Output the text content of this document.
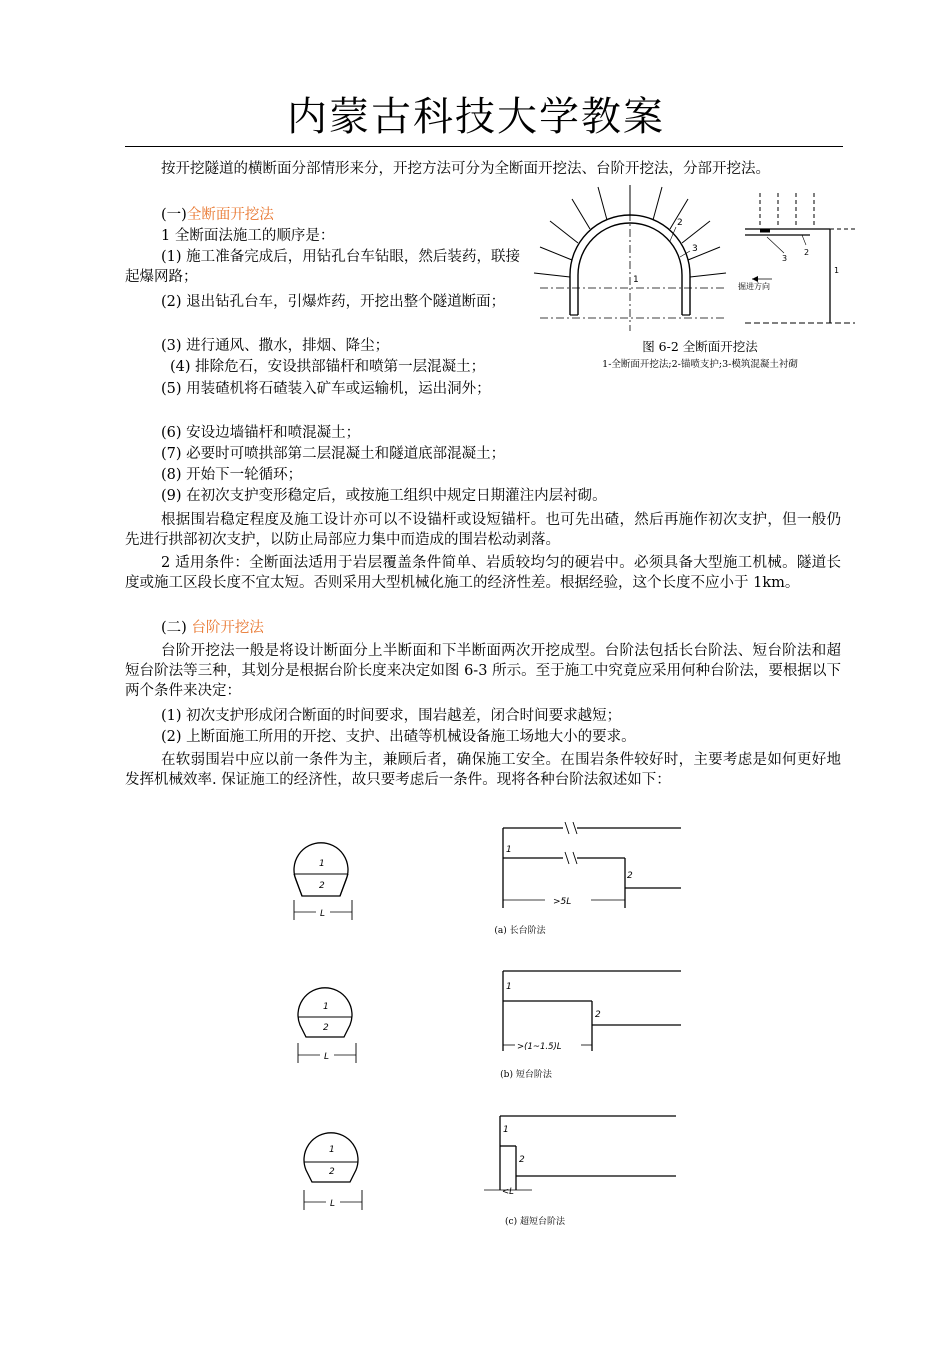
内蒙古科技大学教案
按开挖隧道的横断面分部情形来分，开挖方法可分为全断面开挖法、台阶开挖法，分部开挖法。
(一)全断面开挖法
1 全断面法施工的顺序是：
(1) 施工准备完成后，用钻孔台车钻眼，然后装药，联接起爆网路；
(2) 退出钻孔台车，引爆炸药，开挖出整个隧道断面；
(3) 进行通风、撒水，排烟、降尘；
(4) 排除危石，安设拱部锚杆和喷第一层混凝土；
(5) 用装碴机将石碴装入矿车或运输机，运出洞外；
(6) 安设边墙锚杆和喷混凝土；
(7) 必要时可喷拱部第二层混凝土和隧道底部混凝土；
(8) 开始下一轮循环；
(9) 在初次支护变形稳定后，或按施工组织中规定日期灌注内层衬砌。
根据围岩稳定程度及施工设计亦可以不设锚杆或设短锚杆。也可先出碴，然后再施作初次支护，但一般仍先进行拱部初次支护，以防止局部应力集中而造成的围岩松动剥落。
2 适用条件：全断面法适用于岩层覆盖条件简单、岩质较均匀的硬岩中。必须具备大型施工机械。隧道长度或施工区段长度不宜太短。否则采用大型机械化施工的经济性差。根据经验，这个长度不应小于 1km。
(二) 台阶开挖法
台阶开挖法一般是将设计断面分上半断面和下半断面两次开挖成型。台阶法包括长台阶法、短台阶法和超短台阶法等三种，其划分是根据台阶长度来决定如图 6-3 所示。至于施工中究竟应采用何种台阶法，要根据以下两个条件来决定：
(1) 初次支护形成闭合断面的时间要求，围岩越差，闭合时间要求越短；
(2) 上断面施工所用的开挖、支护、出碴等机械设备施工场地大小的要求。
在软弱围岩中应以前一条件为主，兼顾后者，确保施工安全。在围岩条件较好时，主要考虑是如何更好地发挥机械效率. 保证施工的经济性，故只要考虑后一条件。现将各种台阶法叙述如下：
1
2
3
3
2
1
掘进方向
图 6-2 全断面开挖法
1-全断面开挖法;2-锚喷支护;3-模筑混凝土衬砌
1
2
L
1
2
>5L
(a) 长台阶法
1
2
L
1
2
>(1~1.5)L
(b) 短台阶法
1
2
L
1
2
<L
(c) 超短台阶法
